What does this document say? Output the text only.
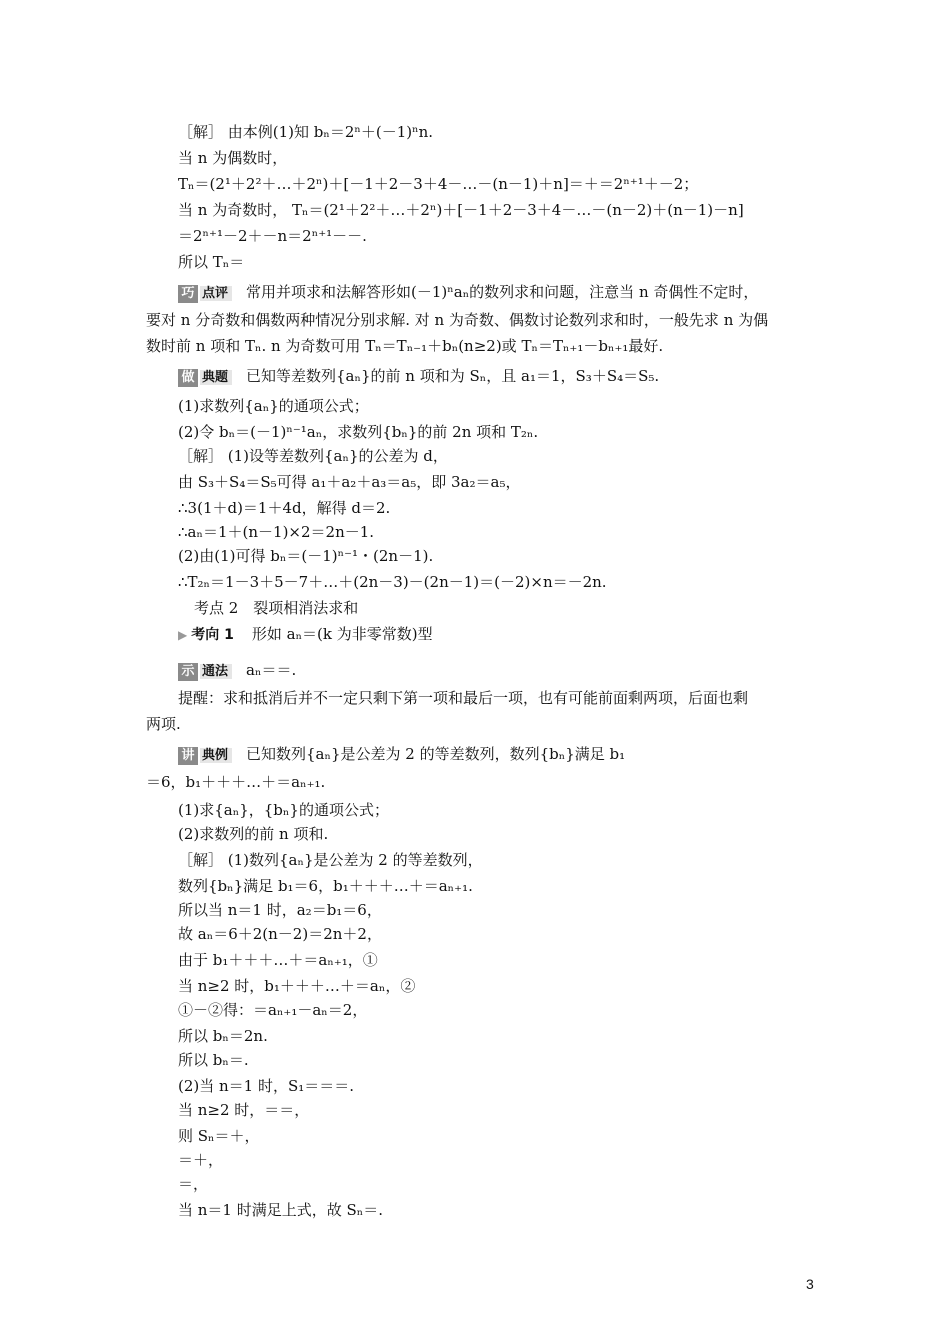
［解］ 由本例(1)知 bₙ＝2ⁿ＋(－1)ⁿn.
当 n 为偶数时，
Tₙ＝(2¹＋2²＋…＋2ⁿ)＋[－1＋2－3＋4－…－(n－1)＋n]＝＋＝2ⁿ⁺¹＋－2；
当 n 为奇数时， Tₙ＝(2¹＋2²＋…＋2ⁿ)＋[－1＋2－3＋4－…－(n－2)＋(n－1)－n]
＝2ⁿ⁺¹－2＋－n＝2ⁿ⁺¹－－.
所以 Tₙ＝
巧 点评 常用并项求和法解答形如(－1)ⁿaₙ的数列求和问题，注意当 n 奇偶性不定时，
要对 n 分奇数和偶数两种情况分别求解. 对 n 为奇数、偶数讨论数列求和时，一般先求 n 为偶
数时前 n 项和 Tₙ. n 为奇数可用 Tₙ＝Tₙ₋₁＋bₙ(n≥2)或 Tₙ＝Tₙ₊₁－bₙ₊₁最好.
做 典题 已知等差数列{aₙ}的前 n 项和为 Sₙ，且 a₁＝1，S₃＋S₄＝S₅.
(1)求数列{aₙ}的通项公式；
(2)令 bₙ＝(－1)ⁿ⁻¹aₙ，求数列{bₙ}的前 2n 项和 T₂ₙ.
［解］ (1)设等差数列{aₙ}的公差为 d，
由 S₃＋S₄＝S₅可得 a₁＋a₂＋a₃＝a₅，即 3a₂＝a₅，
∴3(1＋d)＝1＋4d，解得 d＝2.
∴aₙ＝1＋(n－1)×2＝2n－1.
(2)由(1)可得 bₙ＝(－1)ⁿ⁻¹・(2n－1).
∴T₂ₙ＝1－3＋5－7＋…＋(2n－3)－(2n－1)＝(－2)×n＝－2n.
考点 2　裂项相消法求和
▶ 考向 1 形如 aₙ＝(k 为非零常数)型
示 通法 aₙ＝＝.
提醒：求和抵消后并不一定只剩下第一项和最后一项，也有可能前面剩两项，后面也剩
两项.
讲 典例 已知数列{aₙ}是公差为 2 的等差数列，数列{bₙ}满足 b₁
＝6，b₁＋＋＋…＋＝aₙ₊₁.
(1)求{aₙ}，{bₙ}的通项公式；
(2)求数列的前 n 项和.
［解］ (1)数列{aₙ}是公差为 2 的等差数列，
数列{bₙ}满足 b₁＝6，b₁＋＋＋…＋＝aₙ₊₁.
所以当 n＝1 时，a₂＝b₁＝6，
故 aₙ＝6＋2(n－2)＝2n＋2，
由于 b₁＋＋＋…＋＝aₙ₊₁，①
当 n≥2 时，b₁＋＋＋…＋＝aₙ，②
①－②得：＝aₙ₊₁－aₙ＝2，
所以 bₙ＝2n.
所以 bₙ＝.
(2)当 n＝1 时，S₁＝＝＝.
当 n≥2 时，＝＝，
则 Sₙ＝＋，
＝＋，
＝，
当 n＝1 时满足上式，故 Sₙ＝.
3
